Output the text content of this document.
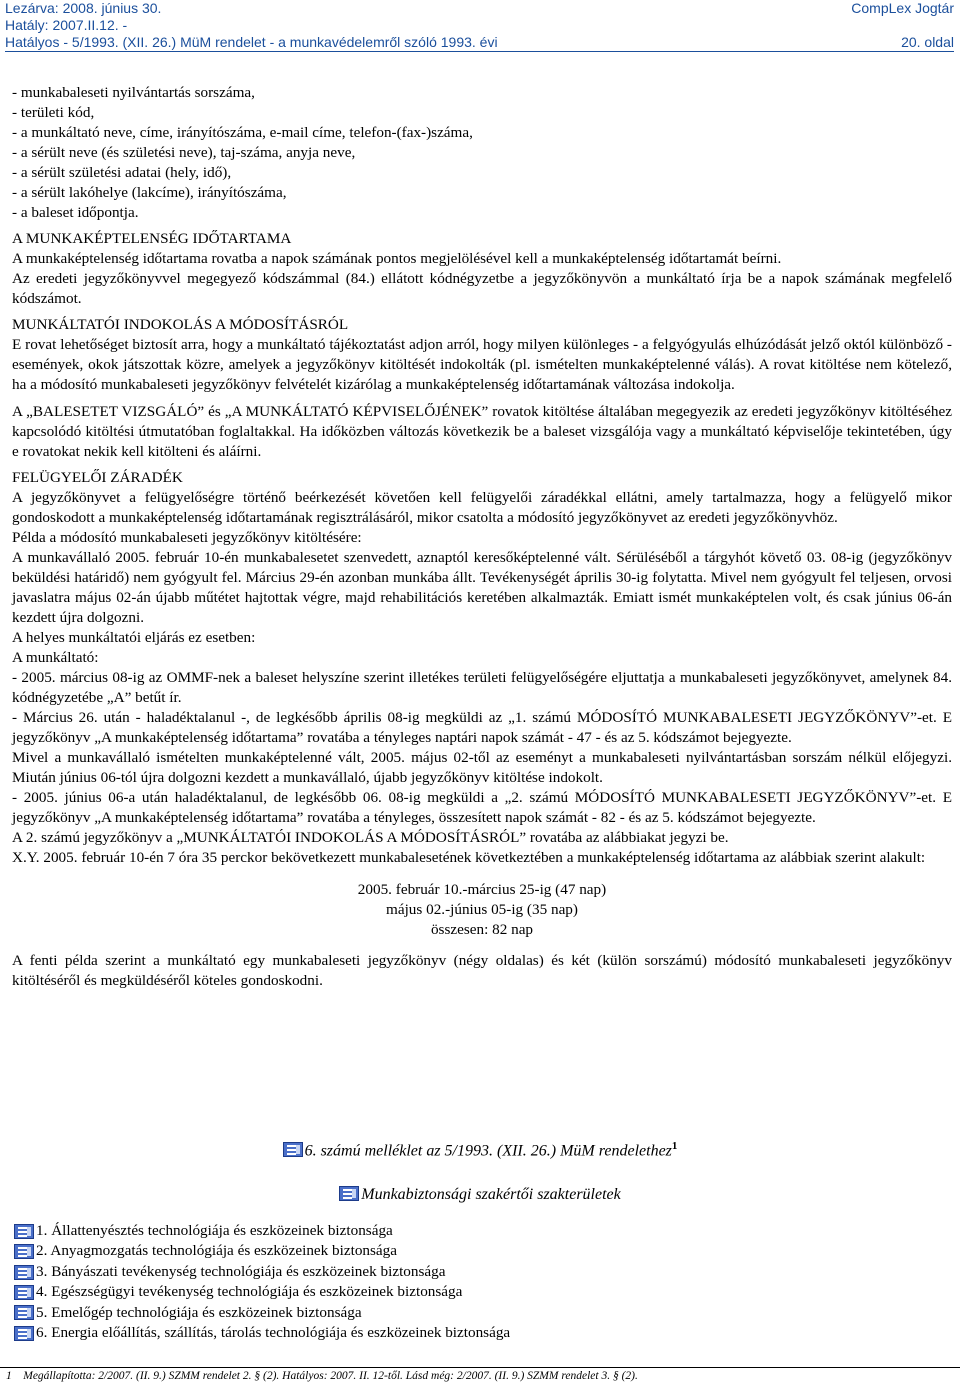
Lezárva: 2008. június 30.
Hatály: 2007.II.12. -
Hatályos - 5/1993. (XII. 26.) MüM rendelet - a munkavédelemről szóló 1993. évi
CompLex Jogtár
20. oldal

- munkabaleseti nyilvántartás sorszáma,

- területi kód,

- a munkáltató neve, címe, irányítószáma, e-mail címe, telefon-(fax-)száma,

- a sérült neve (és születési neve), taj-száma, anyja neve,

- a sérült születési adatai (hely, idő),

- a sérült lakóhelye (lakcíme), irányítószáma,

- a baleset időpontja.

A MUNKAKÉPTELENSÉG IDŐTARTAMA

A munkaképtelenség időtartama rovatba a napok számának pontos megjelölésével kell a munkaképtelenség időtartamát beírni.

Az eredeti jegyzőkönyvvel megegyező kódszámmal (84.) ellátott kódnégyzetbe a jegyzőkönyvön a munkáltató írja be a napok számának megfelelő kódszámot.

MUNKÁLTATÓI INDOKOLÁS A MÓDOSÍTÁSRÓL

E rovat lehetőséget biztosít arra, hogy a munkáltató tájékoztatást adjon arról, hogy milyen különleges - a felgyógyulás elhúzódását jelző októl különböző - események, okok játszottak közre, amelyek a jegyzőkönyv kitöltését indokolták (pl. ismételten munkaképtelenné válás). A rovat kitöltése nem kötelező, ha a módosító munkabaleseti jegyzőkönyv felvételét kizárólag a munkaképtelenség időtartamának változása indokolja.

A „BALESETET VIZSGÁLÓ” és „A MUNKÁLTATÓ KÉPVISELŐJÉNEK” rovatok kitöltése általában megegyezik az eredeti jegyzőkönyv kitöltéséhez kapcsolódó kitöltési útmutatóban foglaltakkal. Ha időközben változás következik be a baleset vizsgálója vagy a munkáltató képviselője tekintetében, úgy e rovatokat nekik kell kitölteni és aláírni.

FELÜGYELŐI ZÁRADÉK

A jegyzőkönyvet a felügyelőségre történő beérkezését követően kell felügyelői záradékkal ellátni, amely tartalmazza, hogy a felügyelő mikor gondoskodott a munkaképtelenség időtartamának regisztrálásáról, mikor csatolta a módosító jegyzőkönyvet az eredeti jegyzőkönyvhöz.

Példa a módosító munkabaleseti jegyzőkönyv kitöltésére:

A munkavállaló 2005. február 10-én munkabalesetet szenvedett, aznaptól keresőképtelenné vált. Sérüléséből a tárgyhót követő 03. 08-ig (jegyzőkönyv beküldési határidő) nem gyógyult fel. Március 29-én azonban munkába állt. Tevékenységét április 30-ig folytatta. Mivel nem gyógyult fel teljesen, orvosi javaslatra május 02-án újabb műtétet hajtottak végre, majd rehabilitációs keretében alkalmazták. Emiatt ismét munkaképtelen volt, és csak június 06-án kezdett újra dolgozni.

A helyes munkáltatói eljárás ez esetben:

A munkáltató:

- 2005. március 08-ig az OMMF-nek a baleset helyszíne szerint illetékes területi felügyelőségére eljuttatja a munkabaleseti jegyzőkönyvet, amelynek 84. kódnégyzetébe „A” betűt ír.

- Március 26. után - haladéktalanul -, de legkésőbb április 08-ig megküldi az „1. számú MÓDOSÍTÓ MUNKABALESETI JEGYZŐKÖNYV”-et. E jegyzőkönyv „A munkaképtelenség időtartama” rovatába a tényleges naptári napok számát - 47 - és az 5. kódszámot bejegyezte.

Mivel a munkavállaló ismételten munkaképtelenné vált, 2005. május 02-től az eseményt a munkabaleseti nyilvántartásban sorszám nélkül előjegyzi. Miután június 06-tól újra dolgozni kezdett a munkavállaló, újabb jegyzőkönyv kitöltése indokolt.

- 2005. június 06-a után haladéktalanul, de legkésőbb 06. 08-ig megküldi a „2. számú MÓDOSÍTÓ MUNKABALESETI JEGYZŐKÖNYV”-et. E jegyzőkönyv „A munkaképtelenség időtartama” rovatába a tényleges, összesített napok számát - 82 - és az 5. kódszámot bejegyezte.

A 2. számú jegyzőkönyv a „MUNKÁLTATÓI INDOKOLÁS A MÓDOSÍTÁSRÓL” rovatába az alábbiakat jegyzi be.

X.Y. 2005. február 10-én 7 óra 35 perckor bekövetkezett munkabalesetének következtében a munkaképtelenség időtartama az alábbiak szerint alakult:

2005. február 10.-március 25-ig (47 nap)

május 02.-június 05-ig (35 nap)

összesen: 82 nap

A fenti példa szerint a munkáltató egy munkabaleseti jegyzőkönyv (négy oldalas) és két (külön sorszámú) módosító munkabaleseti jegyzőkönyv kitöltéséről és megküldéséről köteles gondoskodni.

6. számú melléklet az 5/1993. (XII. 26.) MüM rendelethez$^1$
Munkabiztonsági szakértői szakterületek
1. Állattenyésztés technológiája és eszközeinek biztonsága
2. Anyagmozgatás technológiája és eszközeinek biztonsága
3. Bányászati tevékenység technológiája és eszközeinek biztonsága
4. Egészségügyi tevékenység technológiája és eszközeinek biztonsága
5. Emelőgép technológiája és eszközeinek biztonsága
6. Energia előállítás, szállítás, tárolás technológiája és eszközeinek biztonsága
1 Megállapította: 2/2007. (II. 9.) SZMM rendelet 2. § (2). Hatályos: 2007. II. 12-től. Lásd még: 2/2007. (II. 9.) SZMM rendelet 3. § (2).
